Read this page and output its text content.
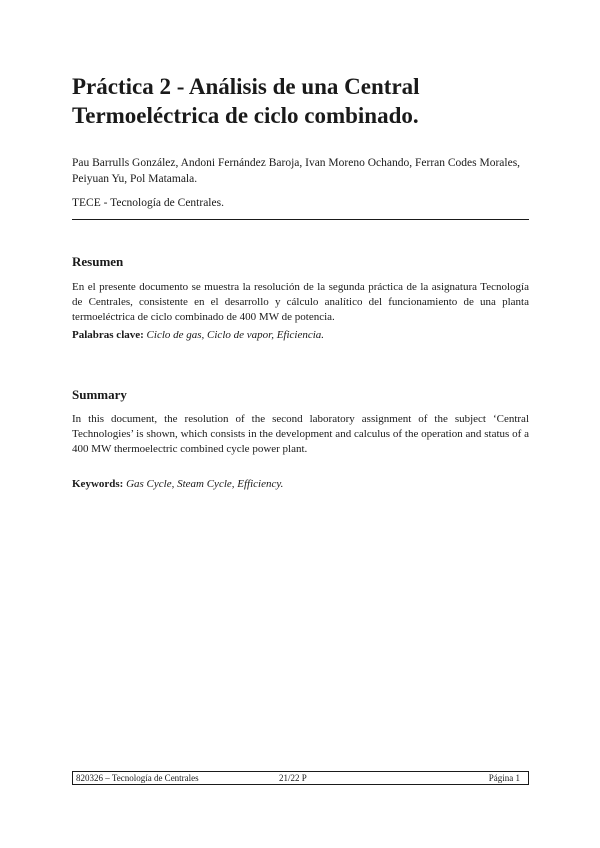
Práctica 2 - Análisis de una Central
Termoeléctrica de ciclo combinado.
Pau Barrulls González, Andoni Fernández Baroja, Ivan Moreno Ochando, Ferran Codes Morales, Peiyuan Yu, Pol Matamala.
TECE - Tecnología de Centrales.
Resumen

En el presente documento se muestra la resolución de la segunda práctica de la asignatura Tecnología de Centrales, consistente en el desarrollo y cálculo analítico del funcionamiento de una planta termoeléctrica de ciclo combinado de 400 MW de potencia.

Palabras clave: Ciclo de gas, Ciclo de vapor, Eficiencia.

Summary

In this document, the resolution of the second laboratory assignment of the subject ‘Central Technologies’ is shown, which consists in the development and calculus of the operation and status of a 400 MW thermoelectric combined cycle power plant.

Keywords: Gas Cycle, Steam Cycle, Efficiency.

820326 – Tecnología de Centrales	21/22 P	Página 1
